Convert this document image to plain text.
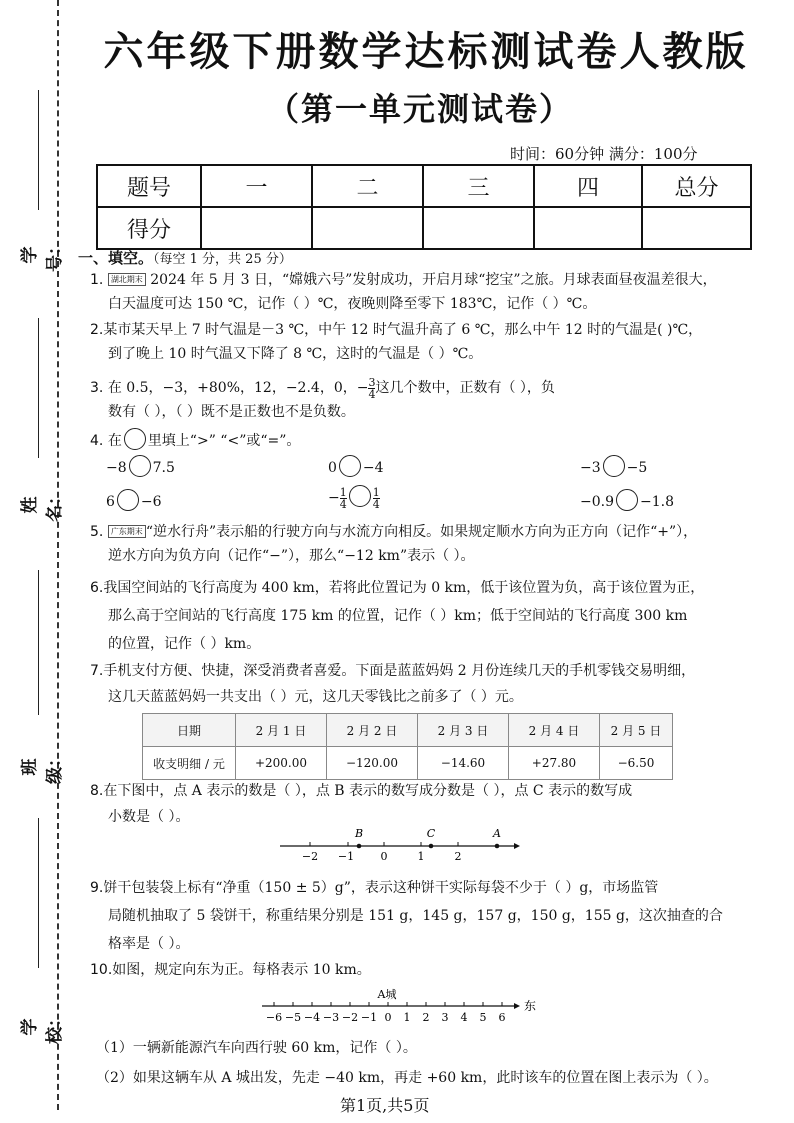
六年级下册数学达标测试卷人教版
（第一单元测试卷）
时间：60分钟 满分：100分
学号：
姓名：
班级：
学校：
题号	一	二	三	四	总分
得分					
一、填空。（每空 1 分，共 25 分）
1. 湖北期末 2024 年 5 月 3 日，“嫦娥六号”发射成功，开启月球“挖宝”之旅。月球表面昼夜温差很大，
白天温度可达 150 ℃，记作（ ）℃，夜晚则降至零下 183℃，记作（ ）℃。
2.某市某天早上 7 时气温是－3 ℃，中午 12 时气温升高了 6 ℃，那么中午 12 时的气温是( )℃，
到了晚上 10 时气温又下降了 8 ℃，这时的气温是（ ）℃。
3. 在 0.5，−3，+80%，12，−2.4，0，− $\frac{3}{4}$ 这几个数中，正数有（ ），负
数有（ ），（ ）既不是正数也不是负数。
4. 在 里填上“>” “<”或“=”。
−8 7.5	0 −4	−3 −5
6 −6	− $\frac{1}{4} \frac{1}{4}$	−0.9 −1.8
5. 广东期末 “逆水行舟”表示船的行驶方向与水流方向相反。如果规定顺水方向为正方向（记作“+”），
逆水方向为负方向（记作“−”），那么“−12 km”表示（ ）。
6.我国空间站的飞行高度为 400 km，若将此位置记为 0 km，低于该位置为负，高于该位置为正，
那么高于空间站的飞行高度 175 km 的位置，记作（ ）km；低于空间站的飞行高度 300 km
的位置，记作（ ）km。
7.手机支付方便、快捷，深受消费者喜爱。下面是蓝蓝妈妈 2 月份连续几天的手机零钱交易明细，
这几天蓝蓝妈妈一共支出（ ）元，这几天零钱比之前多了（ ）元。
日期	2 月 1 日	2 月 2 日	2 月 3 日	2 月 4 日	2 月 5 日
收支明细 / 元	+200.00	−120.00	−14.60	+27.80	−6.50
8.在下图中，点 A 表示的数是（ ），点 B 表示的数写成分数是（ ），点 C 表示的数写成
小数是（ ）。
−2 −1 0	1	2
B	C	A
9.饼干包装袋上标有“净重（150 ± 5）g”，表示这种饼干实际每袋不少于（ ）g，市场监管
局随机抽取了 5 袋饼干，称重结果分别是 151 g，145 g，157 g，150 g，155 g，这次抽查的合
格率是（ ）。
10.如图，规定向东为正。每格表示 10 km。
A城
东
−6 −5 −4 −3 −2 −1 0 1 2 3 4 5 6
（1）一辆新能源汽车向西行驶 60 km，记作（ ）。
（2）如果这辆车从 A 城出发，先走 −40 km，再走 +60 km，此时该车的位置在图上表示为（ ）。
第1页,共5页
